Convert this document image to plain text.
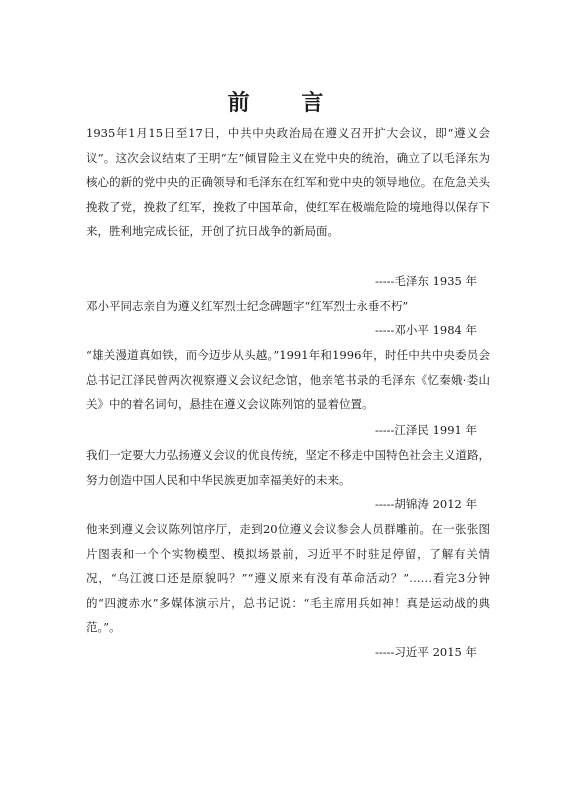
前 言
1935年1月15日至17日，中共中央政治局在遵义召开扩大会议，即“遵义会议”。这次会议结束了王明“左”倾冒险主义在党中央的统治，确立了以毛泽东为核心的新的党中央的正确领导和毛泽东在红军和党中央的领导地位。在危急关头挽救了党，挽救了红军，挽救了中国革命，使红军在极端危险的境地得以保存下来，胜利地完成长征，开创了抗日战争的新局面。
-----毛泽东 1935 年
邓小平同志亲自为遵义红军烈士纪念碑题字“红军烈士永垂不朽”
-----邓小平 1984 年
“雄关漫道真如铁，而今迈步从头越。”1991年和1996年，时任中共中央委员会总书记江泽民曾两次视察遵义会议纪念馆，他亲笔书录的毛泽东《忆秦娥·娄山关》中的着名词句，悬挂在遵义会议陈列馆的显着位置。
-----江泽民 1991 年
我们一定要大力弘扬遵义会议的优良传统，坚定不移走中国特色社会主义道路，努力创造中国人民和中华民族更加幸福美好的未来。
-----胡锦涛 2012 年
他来到遵义会议陈列馆序厅，走到20位遵义会议参会人员群雕前。在一张张图片图表和一个个实物模型、模拟场景前，习近平不时驻足停留，了解有关情况，“乌江渡口还是原貌吗？”“遵义原来有没有革命活动？”……看完3分钟的“四渡赤水”多媒体演示片，总书记说：“毛主席用兵如神！真是运动战的典范。”。
-----习近平 2015 年
